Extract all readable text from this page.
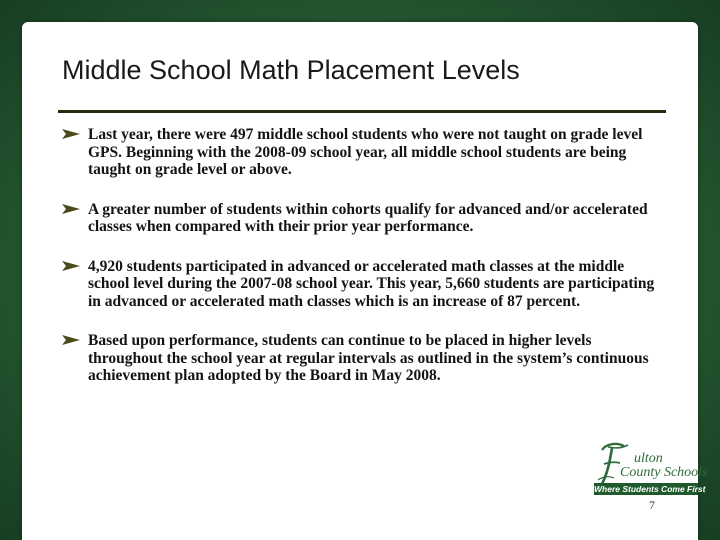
Middle School Math Placement Levels
Last year, there were 497 middle school students who were not taught on grade level GPS. Beginning with the 2008-09 school year, all middle school students are being taught on grade level or above.
A greater number of students within cohorts qualify for advanced and/or accelerated classes when compared with their prior year performance.
4,920 students participated in advanced or accelerated math classes at the middle school level during the 2007-08 school year. This year, 5,660 students are participating in advanced or accelerated math classes which is an increase of 87 percent.
Based upon performance, students can continue to be placed in higher levels throughout the school year at regular intervals as outlined in the system’s continuous achievement plan adopted by the Board in May 2008.
ulton
County Schools
Where Students Come First
7
